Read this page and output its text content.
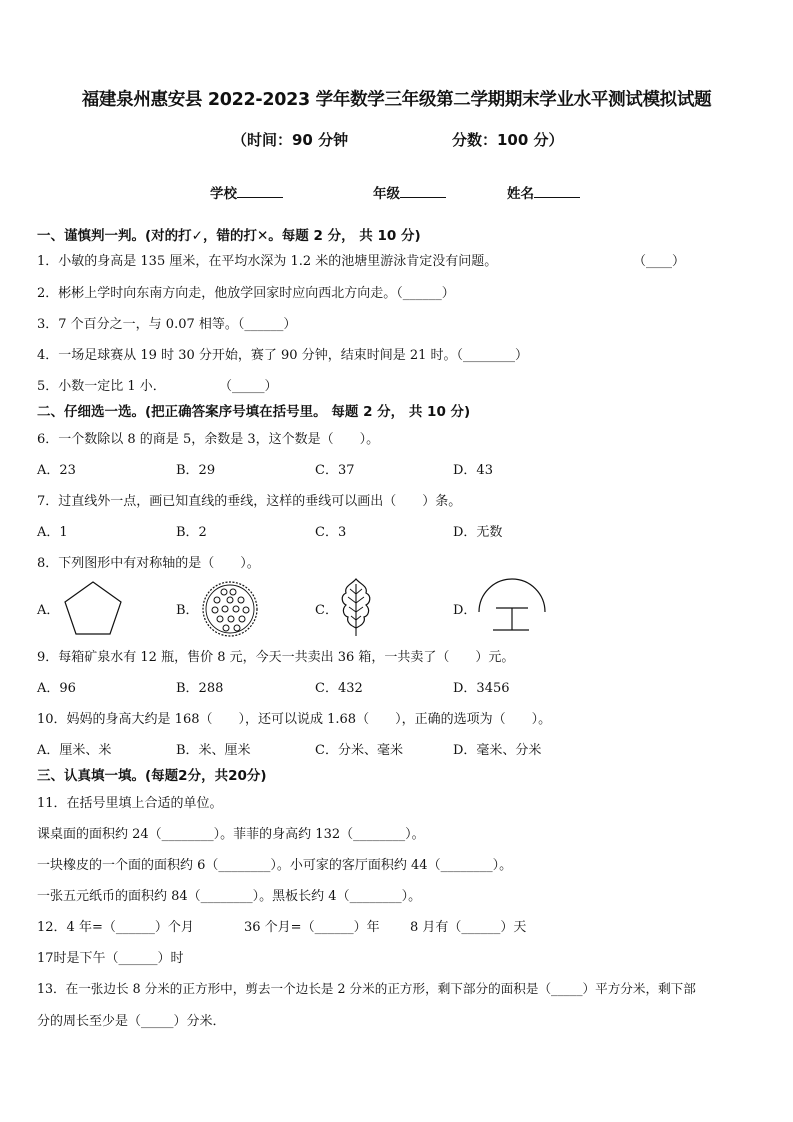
福建泉州惠安县 2022-2023 学年数学三年级第二学期期末学业水平测试模拟试题
（时间：90 分钟	分数：100 分）
学校	年级	姓名
一、谨慎判一判。(对的打✓，错的打✕。每题 2 分， 共 10 分)
1．小敏的身高是 135 厘米，在平均水深为 1.2 米的池塘里游泳肯定没有问题。	（____）
2．彬彬上学时向东南方向走，他放学回家时应向西北方向走。（______）
3．7 个百分之一，与 0.07 相等。（______）
4．一场足球赛从 19 时 30 分开始，赛了 90 分钟，结束时间是 21 时。（________）
5．小数一定比 1 小．	（_____）
二、仔细选一选。(把正确答案序号填在括号里。 每题 2 分， 共 10 分)
6．一个数除以 8 的商是 5，余数是 3，这个数是（　　）。
A．23	B．29	C．37	D．43
7．过直线外一点，画已知直线的垂线，这样的垂线可以画出（　　）条。
A．1	B．2	C．3	D．无数
8．下列图形中有对称轴的是（　　）。
A．	B．	C．	D．
9．每箱矿泉水有 12 瓶，售价 8 元，今天一共卖出 36 箱，一共卖了（　　）元。
A．96	B．288	C．432	D．3456
10．妈妈的身高大约是 168（　　），还可以说成 1.68（　　），正确的选项为（　　）。
A．厘米、米	B．米、厘米	C．分米、毫米	D．毫米、分米
三、认真填一填。(每题2分，共20分)
11．在括号里填上合适的单位。
课桌面的面积约 24（________）。菲菲的身高约 132（________）。
一块橡皮的一个面的面积约 6（________）。小可家的客厅面积约 44（________）。
一张五元纸币的面积约 84（________）。黑板长约 4（________）。
12．4 年=（______）个月	36 个月=（______）年 8 月有（______）天
17时是下午（______）时
13．在一张边长 8 分米的正方形中，剪去一个边长是 2 分米的正方形，剩下部分的面积是（_____）平方分米，剩下部
分的周长至少是（_____）分米．
